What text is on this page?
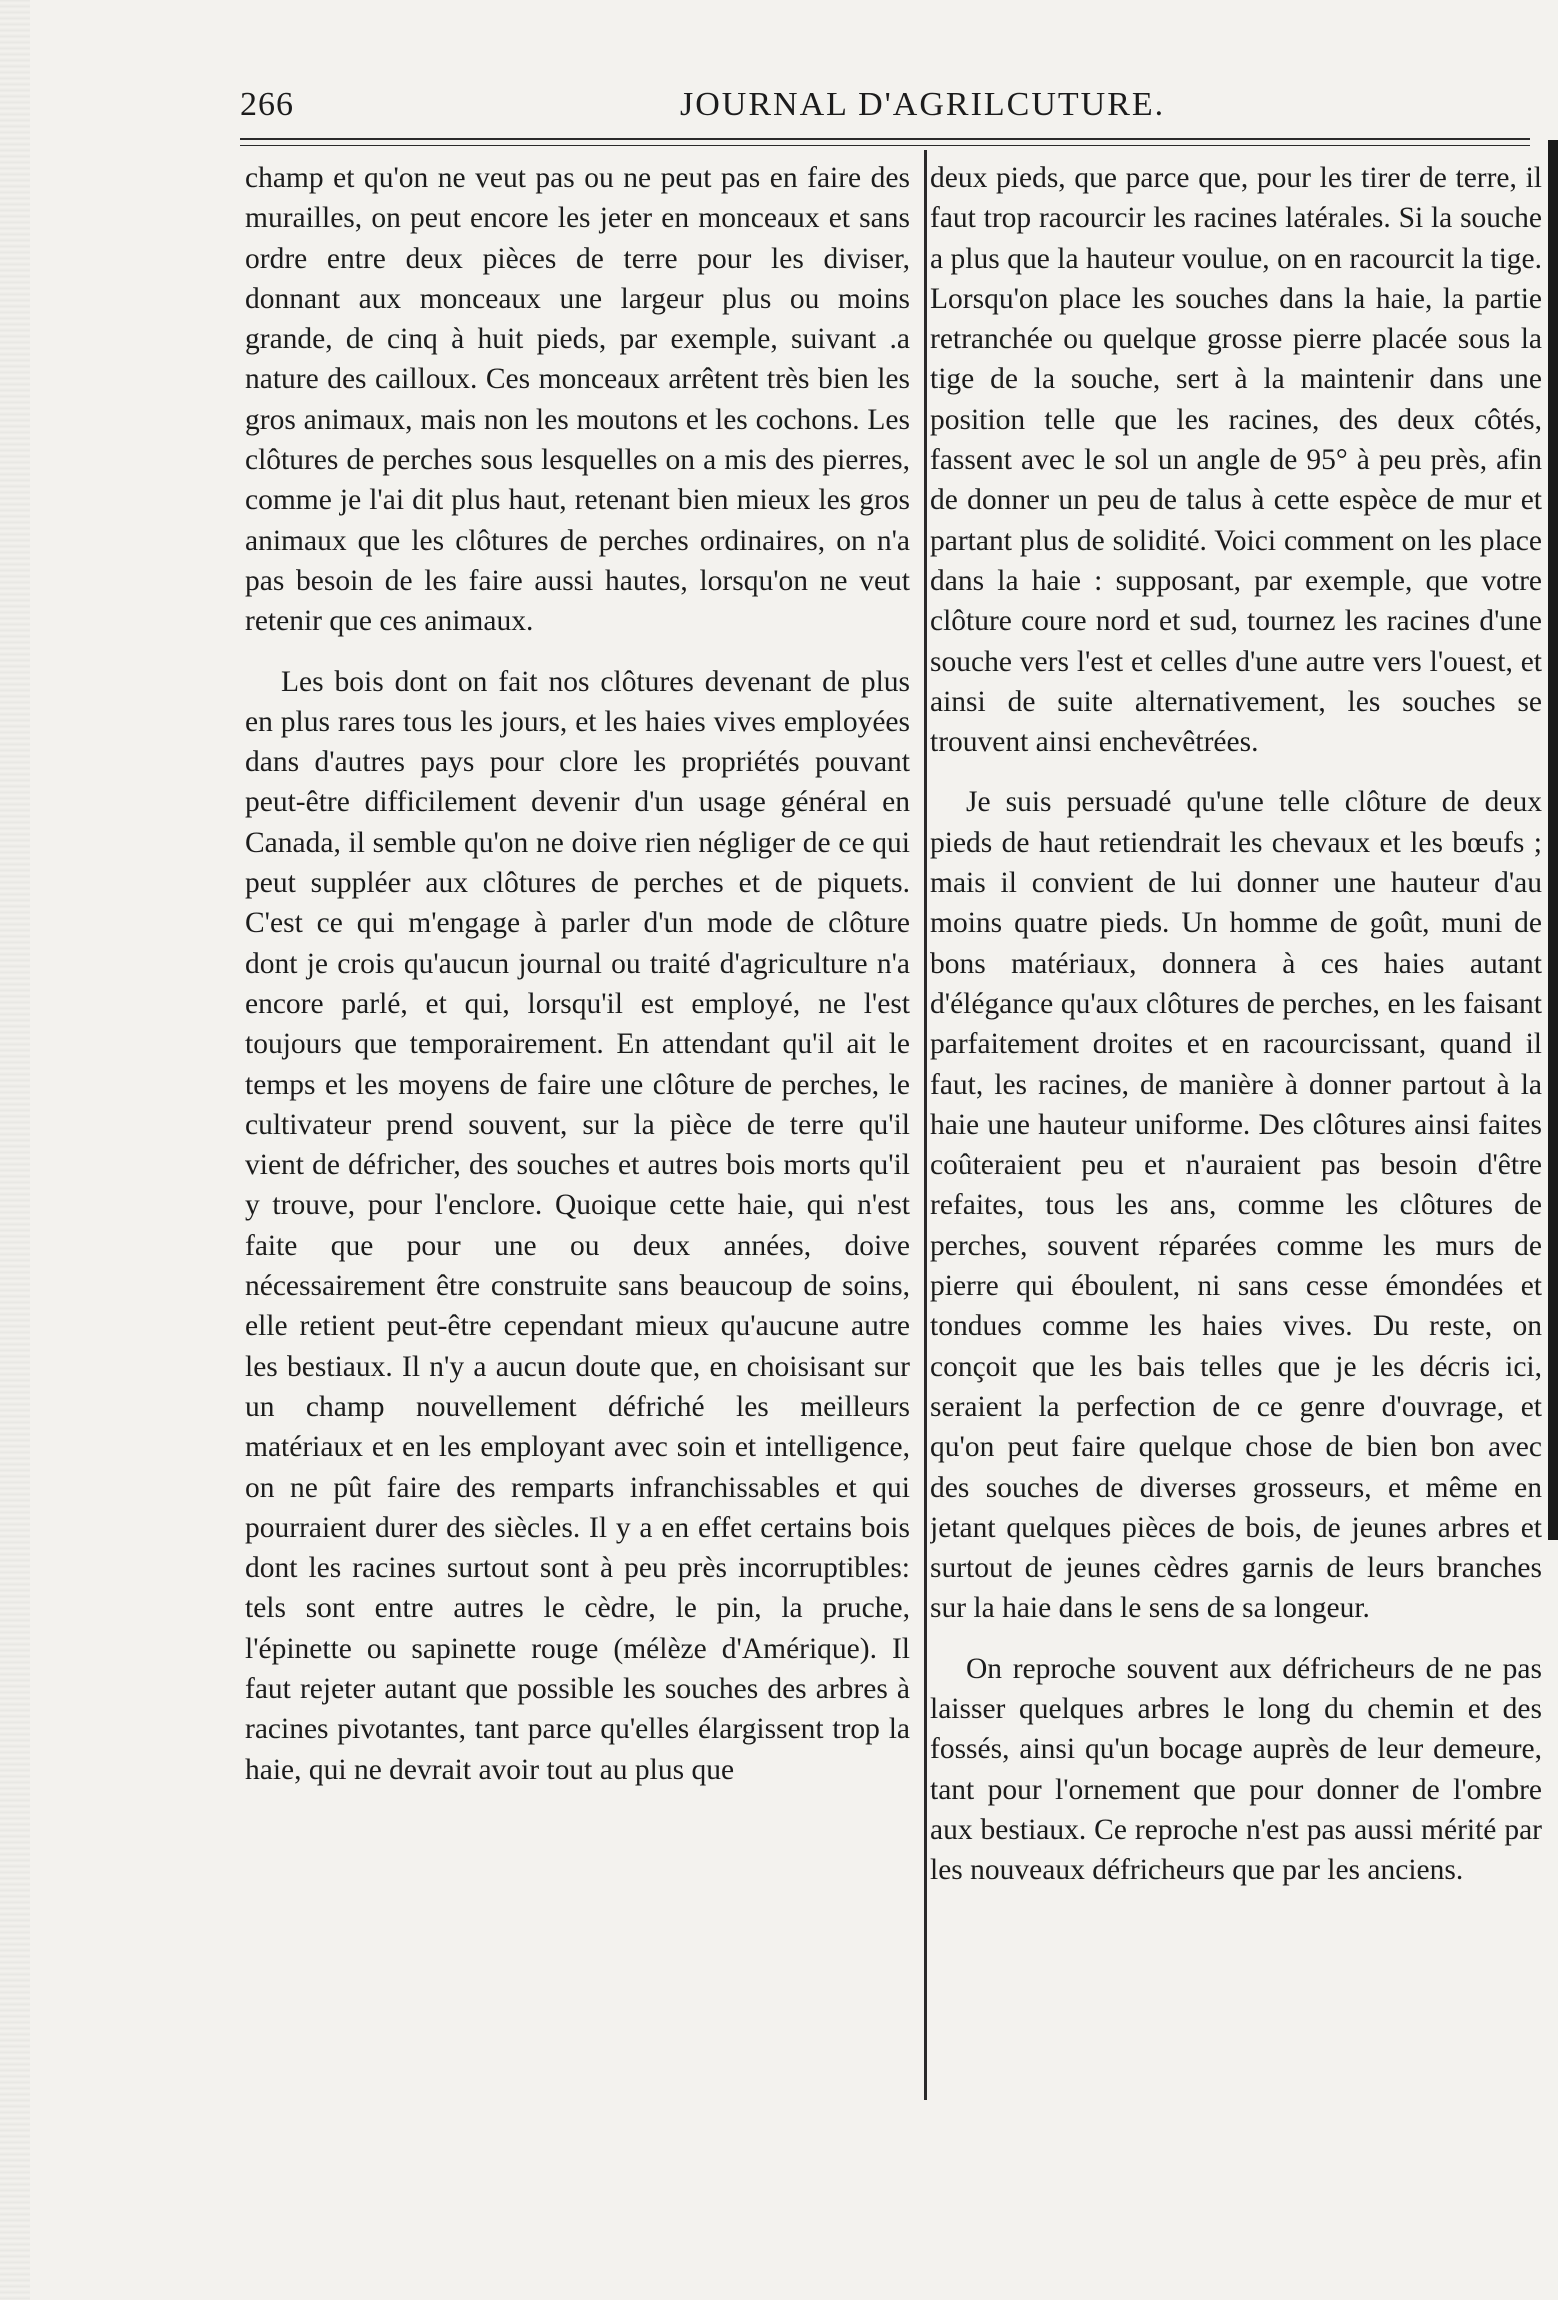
266	JOURNAL D'AGRILCUTURE.

champ et qu'on ne veut pas ou ne peut pas en faire des murailles, on peut encore les jeter en monceaux et sans ordre entre deux pièces de terre pour les diviser, donnant aux monceaux une largeur plus ou moins grande, de cinq à huit pieds, par exemple, suivant .a nature des cailloux. Ces monceaux arrêtent très bien les gros animaux, mais non les moutons et les cochons. Les clôtures de perches sous lesquelles on a mis des pierres, comme je l'ai dit plus haut, retenant bien mieux les gros animaux que les clôtures de perches ordinaires, on n'a pas besoin de les faire aussi hautes, lorsqu'on ne veut retenir que ces animaux.

Les bois dont on fait nos clôtures devenant de plus en plus rares tous les jours, et les haies vives employées dans d'autres pays pour clore les propriétés pouvant peut-être difficilement devenir d'un usage général en Canada, il semble qu'on ne doive rien négliger de ce qui peut suppléer aux clôtures de perches et de piquets. C'est ce qui m'engage à parler d'un mode de clôture dont je crois qu'aucun journal ou traité d'agriculture n'a encore parlé, et qui, lorsqu'il est employé, ne l'est toujours que temporairement. En attendant qu'il ait le temps et les moyens de faire une clôture de perches, le cultivateur prend souvent, sur la pièce de terre qu'il vient de défricher, des souches et autres bois morts qu'il y trouve, pour l'enclore. Quoique cette haie, qui n'est faite que pour une ou deux années, doive nécessairement être construite sans beaucoup de soins, elle retient peut-être cependant mieux qu'aucune autre les bestiaux. Il n'y a aucun doute que, en choisisant sur un champ nouvellement défriché les meilleurs matériaux et en les employant avec soin et intelligence, on ne pût faire des remparts infranchissables et qui pourraient durer des siècles. Il y a en effet certains bois dont les racines surtout sont à peu près incorruptibles: tels sont entre autres le cèdre, le pin, la pruche, l'épinette ou sapinette rouge (mélèze d'Amérique). Il faut rejeter autant que possible les souches des arbres à racines pivotantes, tant parce qu'elles élargissent trop la haie, qui ne devrait avoir tout au plus que

deux pieds, que parce que, pour les tirer de terre, il faut trop racourcir les racines latérales. Si la souche a plus que la hauteur voulue, on en racourcit la tige. Lorsqu'on place les souches dans la haie, la partie retranchée ou quelque grosse pierre placée sous la tige de la souche, sert à la maintenir dans une position telle que les racines, des deux côtés, fassent avec le sol un angle de 95° à peu près, afin de donner un peu de talus à cette espèce de mur et partant plus de solidité. Voici comment on les place dans la haie : supposant, par exemple, que votre clôture coure nord et sud, tournez les racines d'une souche vers l'est et celles d'une autre vers l'ouest, et ainsi de suite alternativement, les souches se trouvent ainsi enchevêtrées.

Je suis persuadé qu'une telle clôture de deux pieds de haut retiendrait les chevaux et les bœufs ; mais il convient de lui donner une hauteur d'au moins quatre pieds. Un homme de goût, muni de bons matériaux, donnera à ces haies autant d'élégance qu'aux clôtures de perches, en les faisant parfaitement droites et en racourcissant, quand il faut, les racines, de manière à donner partout à la haie une hauteur uniforme. Des clôtures ainsi faites coûteraient peu et n'auraient pas besoin d'être refaites, tous les ans, comme les clôtures de perches, souvent réparées comme les murs de pierre qui éboulent, ni sans cesse émondées et tondues comme les haies vives. Du reste, on conçoit que les bais telles que je les décris ici, seraient la perfection de ce genre d'ouvrage, et qu'on peut faire quelque chose de bien bon avec des souches de diverses grosseurs, et même en jetant quelques pièces de bois, de jeunes arbres et surtout de jeunes cèdres garnis de leurs branches sur la haie dans le sens de sa longeur.

On reproche souvent aux défricheurs de ne pas laisser quelques arbres le long du chemin et des fossés, ainsi qu'un bocage auprès de leur demeure, tant pour l'ornement que pour donner de l'ombre aux bestiaux. Ce reproche n'est pas aussi mérité par les nouveaux défricheurs que par les anciens.
